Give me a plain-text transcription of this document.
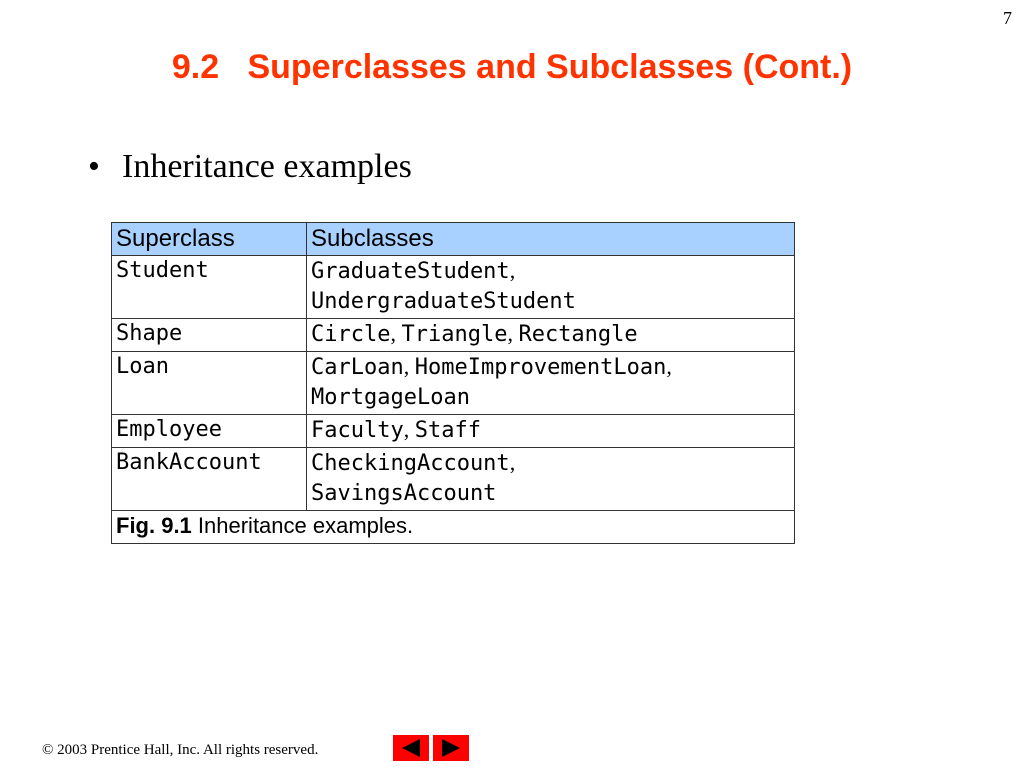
7
9.2   Superclasses and Subclasses (Cont.)
• Inheritance examples
Superclass	Subclasses
Student	GraduateStudent,
UndergraduateStudent
Shape	Circle, Triangle, Rectangle
Loan	CarLoan, HomeImprovementLoan,
MortgageLoan
Employee	Faculty, Staff
BankAccount	CheckingAccount,
SavingsAccount
Fig. 9.1 Inheritance examples.	
© 2003 Prentice Hall, Inc. All rights reserved.
